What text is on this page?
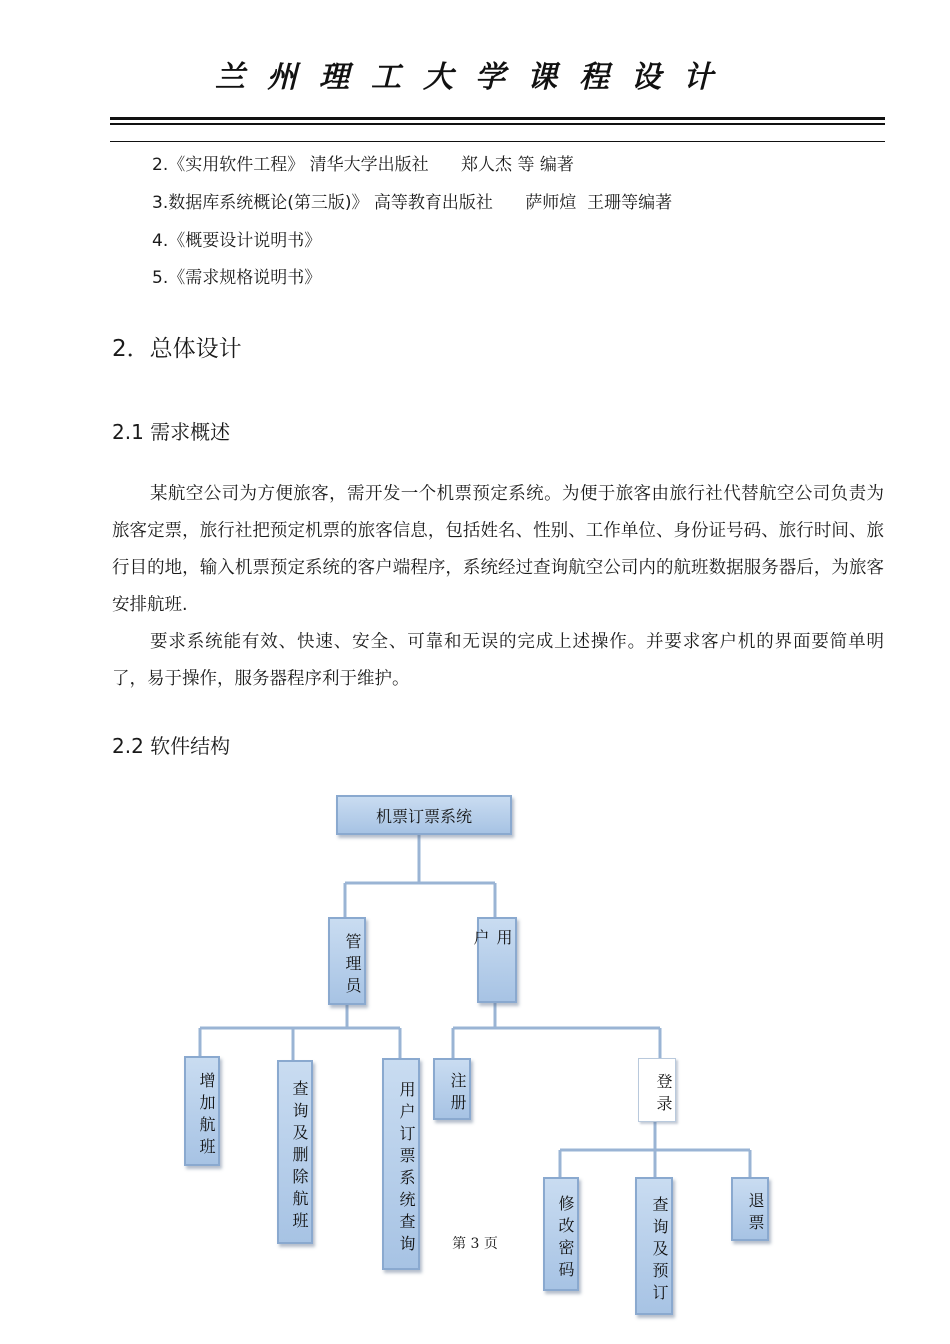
兰州理工大学课程设计
2.《实用软件工程》 清华大学出版社      郑人杰 等 编著
3.数据库系统概论(第三版)》 高等教育出版社      萨师煊  王珊等编著
4.《概要设计说明书》
5.《需求规格说明书》
2．总体设计
2.1 需求概述
某航空公司为方便旅客，需开发一个机票预定系统。为便于旅客由旅行社代替航空公司负责为旅客定票，旅行社把预定机票的旅客信息，包括姓名、性别、工作单位、身份证号码、旅行时间、旅行目的地，输入机票预定系统的客户端程序，系统经过查询航空公司内的航班数据服务器后，为旅客安排航班.
要求系统能有效、快速、安全、可靠和无误的完成上述操作。并要求客户机的界面要简单明了，易于操作，服务器程序利于维护。
2.2 软件结构
机票订票系统
管理员	用户
增加航班	查询及删除航班	用户订票系统查询	注册	登录
修改密码	查询及预订	退票
第 3 页
